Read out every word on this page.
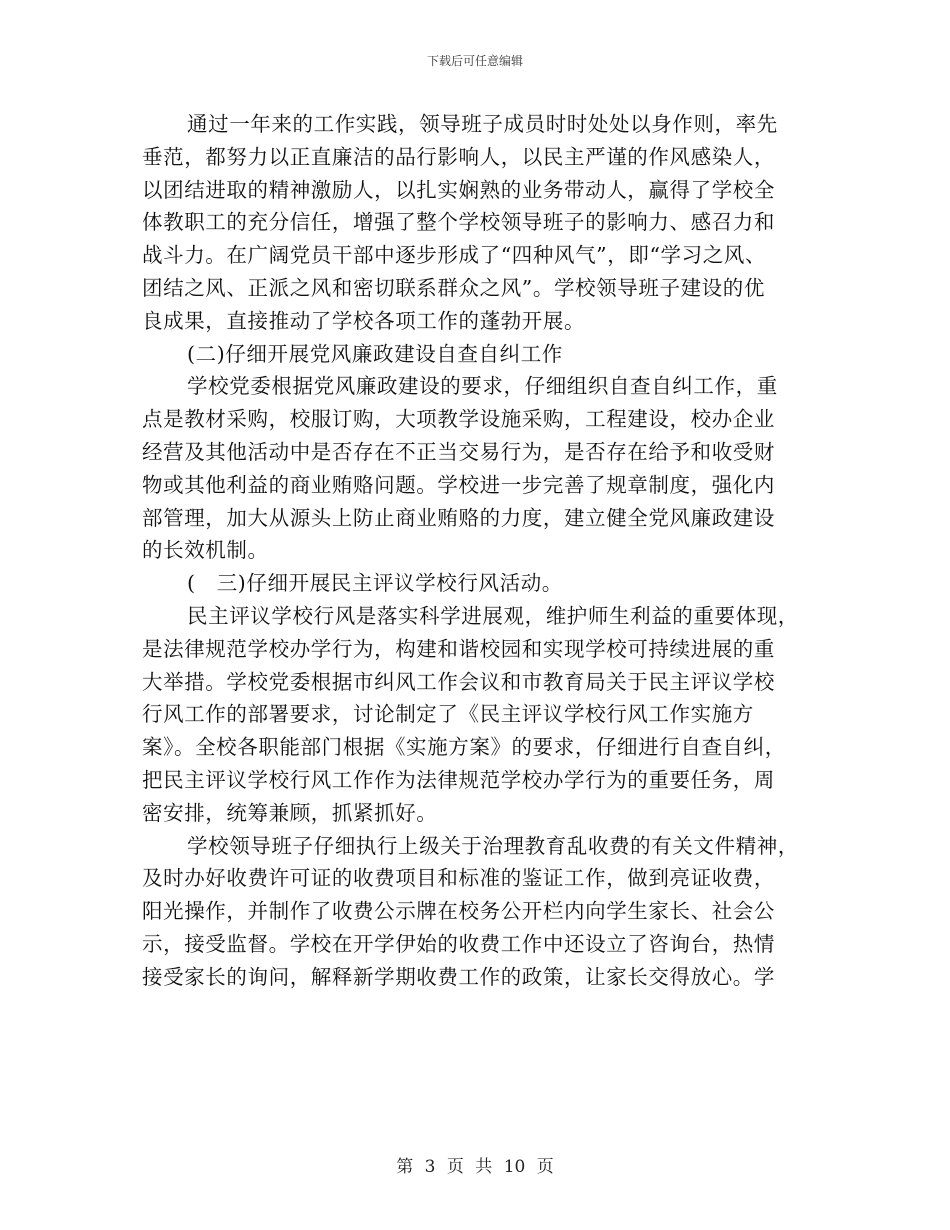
下载后可任意编辑
通过一年来的工作实践，领导班子成员时时处处以身作则，率先
垂范，都努力以正直廉洁的品行影响人，以民主严谨的作风感染人，
以团结进取的精神激励人，以扎实娴熟的业务带动人，赢得了学校全
体教职工的充分信任，增强了整个学校领导班子的影响力、感召力和
战斗力。在广阔党员干部中逐步形成了“四种风气”，即“学习之风、
团结之风、正派之风和密切联系群众之风”。学校领导班子建设的优
良成果，直接推动了学校各项工作的蓬勃开展。
(二)仔细开展党风廉政建设自查自纠工作
学校党委根据党风廉政建设的要求，仔细组织自查自纠工作，重
点是教材采购，校服订购，大项教学设施采购，工程建设，校办企业
经营及其他活动中是否存在不正当交易行为，是否存在给予和收受财
物或其他利益的商业贿赂问题。学校进一步完善了规章制度，强化内
部管理，加大从源头上防止商业贿赂的力度，建立健全党风廉政建设
的长效机制。
(　三)仔细开展民主评议学校行风活动。
民主评议学校行风是落实科学进展观，维护师生利益的重要体现，
是法律规范学校办学行为，构建和谐校园和实现学校可持续进展的重
大举措。学校党委根据市纠风工作会议和市教育局关于民主评议学校
行风工作的部署要求，讨论制定了《民主评议学校行风工作实施方
案》。全校各职能部门根据《实施方案》的要求，仔细进行自查自纠，
把民主评议学校行风工作作为法律规范学校办学行为的重要任务，周
密安排，统筹兼顾，抓紧抓好。
学校领导班子仔细执行上级关于治理教育乱收费的有关文件精神，
及时办好收费许可证的收费项目和标准的鉴证工作，做到亮证收费，
阳光操作，并制作了收费公示牌在校务公开栏内向学生家长、社会公
示，接受监督。学校在开学伊始的收费工作中还设立了咨询台，热情
接受家长的询问，解释新学期收费工作的政策，让家长交得放心。学
第 3 页 共 10 页
